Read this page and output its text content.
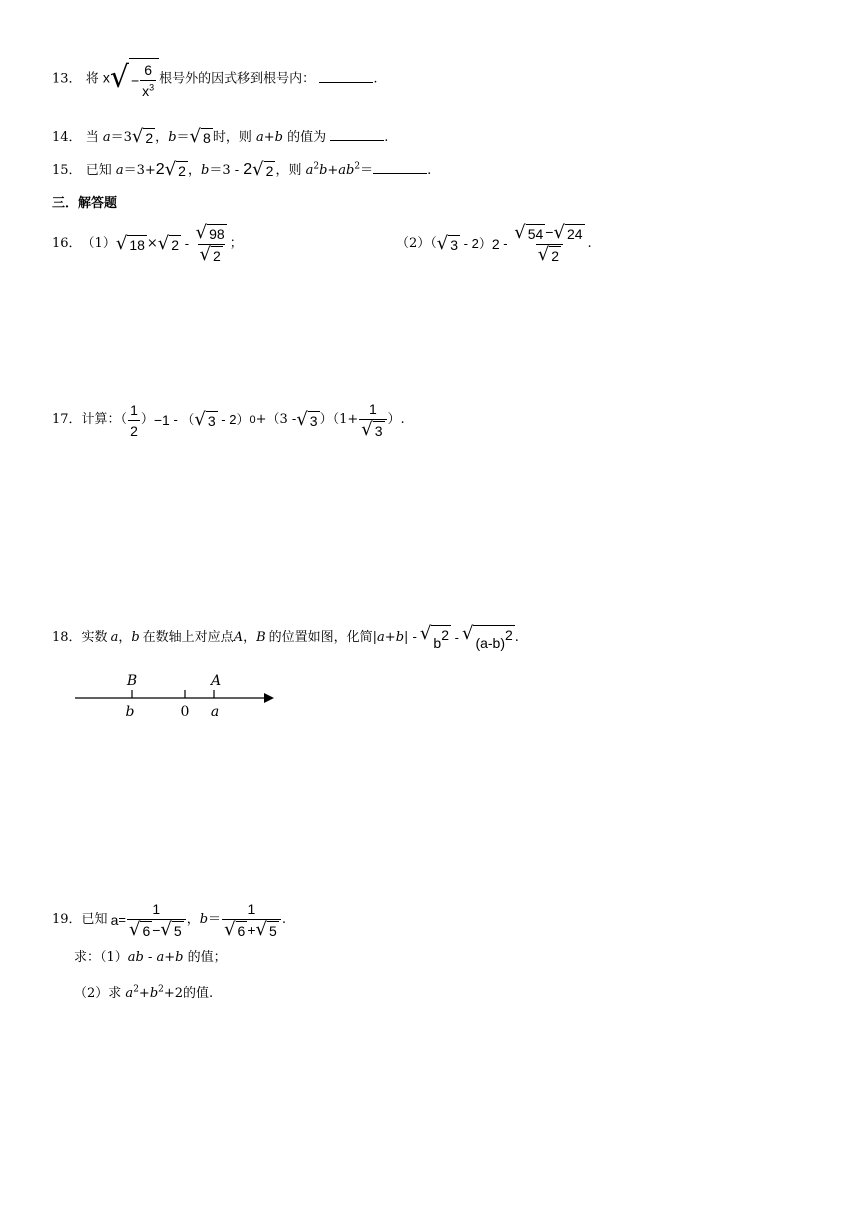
13． 将 x √ − $\frac{6}{x^3}$ 根号外的因式移到根号内：	.
14． 当 a＝3 √ 2 ，b＝ √ 8 时，则 a+b 的值为	.
15． 已知 a＝3+2 √ 2 ，b＝3 - 2 √ 2 ，则 $a^2b+ab^2=$	.
三．解答题
16． （1） √ 18 × √ $2 - \frac{√ 98}{√ 2}$ ；	（2）（ √ 3 - 2） $2 - \frac{√ 54 - √ 24}{√ 2}$ .
17． 计算：（ $\frac{1}{2}$ ） −1 - （ √ 3 - 2） 0 +（3 - √ 3 ）（$1+ \frac{1}{√ 3}$ ）.
18． 实数 a ， b 在数轴上对应点 A ， B 的位置如图，化简| a+b | - √ b2 - √ (a-b)2 .
B	A
b	0 a
19． 已知 $a = \frac{1}{√ 6 - √ 5}$ ， $b = \frac{1}{√ 6 + √ 5}$ .
求：（1）ab - a+b 的值；
（2）求 $a^2+b^2+2$的值.
